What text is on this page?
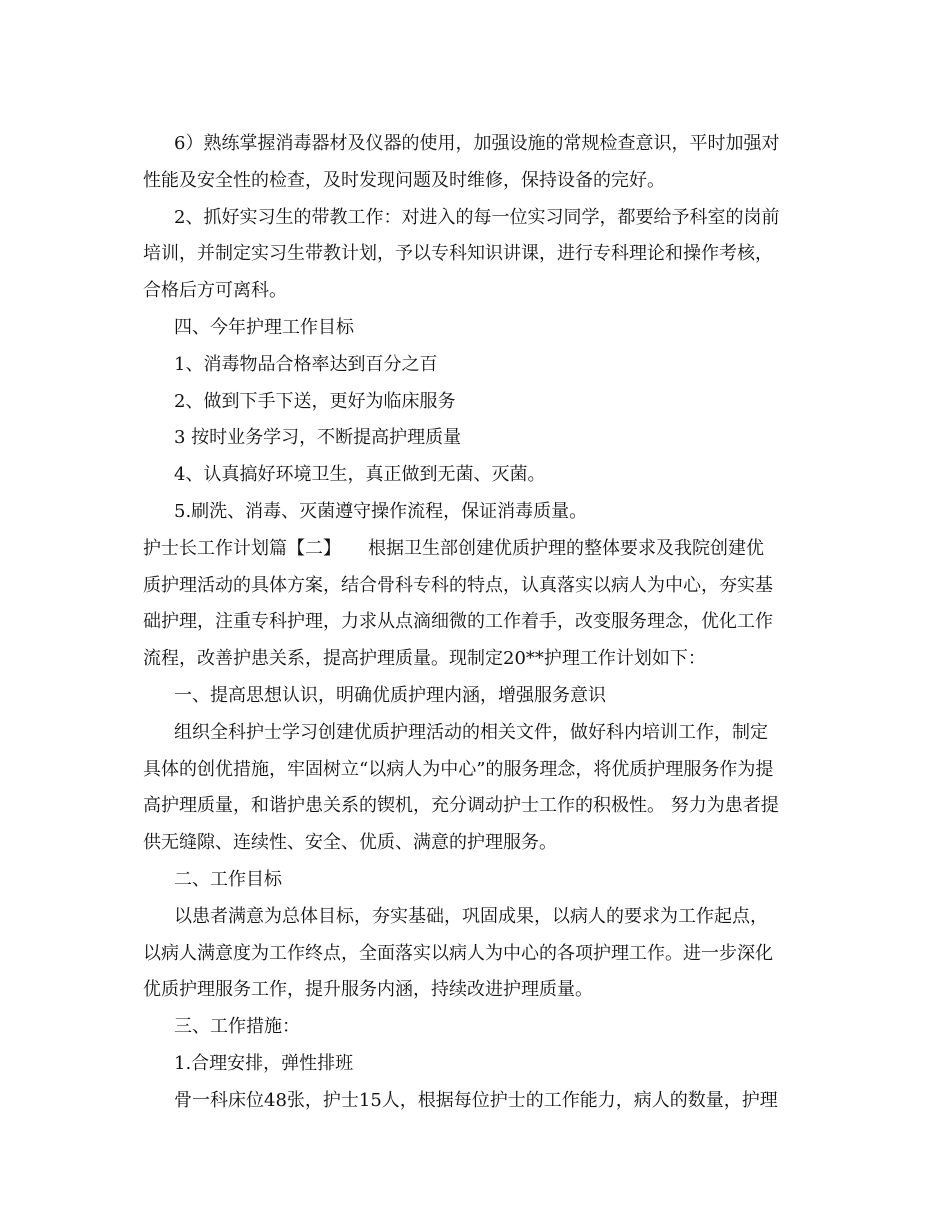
6）熟练掌握消毒器材及仪器的使用，加强设施的常规检查意识，平时加强对
性能及安全性的检查，及时发现问题及时维修，保持设备的完好。
2、抓好实习生的带教工作：对进入的每一位实习同学，都要给予科室的岗前
培训，并制定实习生带教计划，予以专科知识讲课，进行专科理论和操作考核，
合格后方可离科。
四、今年护理工作目标
1、消毒物品合格率达到百分之百
2、做到下手下送，更好为临床服务
3 按时业务学习，不断提高护理质量
4、认真搞好环境卫生，真正做到无菌、灭菌。
5.刷洗、消毒、灭菌遵守操作流程，保证消毒质量。
护士长工作计划篇【二】　　根据卫生部创建优质护理的整体要求及我院创建优
质护理活动的具体方案，结合骨科专科的特点，认真落实以病人为中心，夯实基
础护理，注重专科护理，力求从点滴细微的工作着手，改变服务理念，优化工作
流程，改善护患关系，提高护理质量。现制定20**护理工作计划如下：
一、提高思想认识，明确优质护理内涵，增强服务意识
组织全科护士学习创建优质护理活动的相关文件，做好科内培训工作，制定
具体的创优措施，牢固树立“以病人为中心”的服务理念，将优质护理服务作为提
高护理质量，和谐护患关系的锲机，充分调动护士工作的积极性。 努力为患者提
供无缝隙、连续性、安全、优质、满意的护理服务。
二、工作目标
以患者满意为总体目标，夯实基础，巩固成果，以病人的要求为工作起点，
以病人满意度为工作终点，全面落实以病人为中心的各项护理工作。进一步深化
优质护理服务工作，提升服务内涵，持续改进护理质量。
三、工作措施：
1.合理安排，弹性排班
骨一科床位48张，护士15人，根据每位护士的工作能力，病人的数量，护理
